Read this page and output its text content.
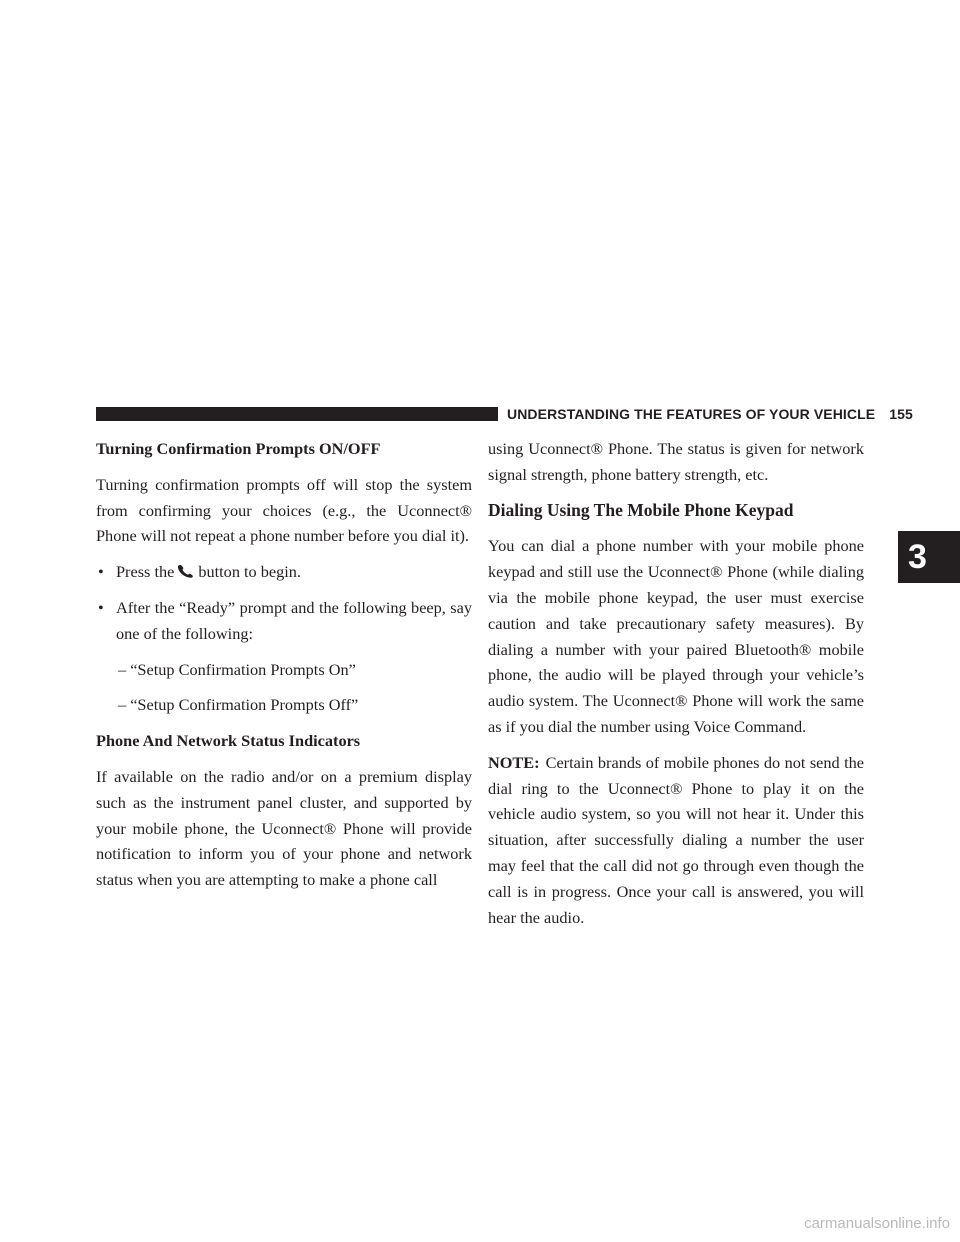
UNDERSTANDING THE FEATURES OF YOUR VEHICLE 155
Turning Confirmation Prompts ON/OFF

Turning confirmation prompts off will stop the system from confirming your choices (e.g., the Uconnect® Phone will not repeat a phone number before you dial it).

• Press the button to begin.
• After the “Ready” prompt and the following beep, say one of the following:
– “Setup Confirmation Prompts On”
– “Setup Confirmation Prompts Off”
Phone And Network Status Indicators

If available on the radio and/or on a premium display such as the instrument panel cluster, and supported by your mobile phone, the Uconnect® Phone will provide notification to inform you of your phone and network status when you are attempting to make a phone call

using Uconnect® Phone. The status is given for network signal strength, phone battery strength, etc.

Dialing Using The Mobile Phone Keypad

You can dial a phone number with your mobile phone keypad and still use the Uconnect® Phone (while dialing via the mobile phone keypad, the user must exercise caution and take precautionary safety measures). By dialing a number with your paired Bluetooth® mobile phone, the audio will be played through your vehicle’s audio system. The Uconnect® Phone will work the same as if you dial the number using Voice Command.

NOTE: Certain brands of mobile phones do not send the dial ring to the Uconnect® Phone to play it on the vehicle audio system, so you will not hear it. Under this situation, after successfully dialing a number the user may feel that the call did not go through even though the call is in progress. Once your call is answered, you will hear the audio.

3
carmanualsonline.info
